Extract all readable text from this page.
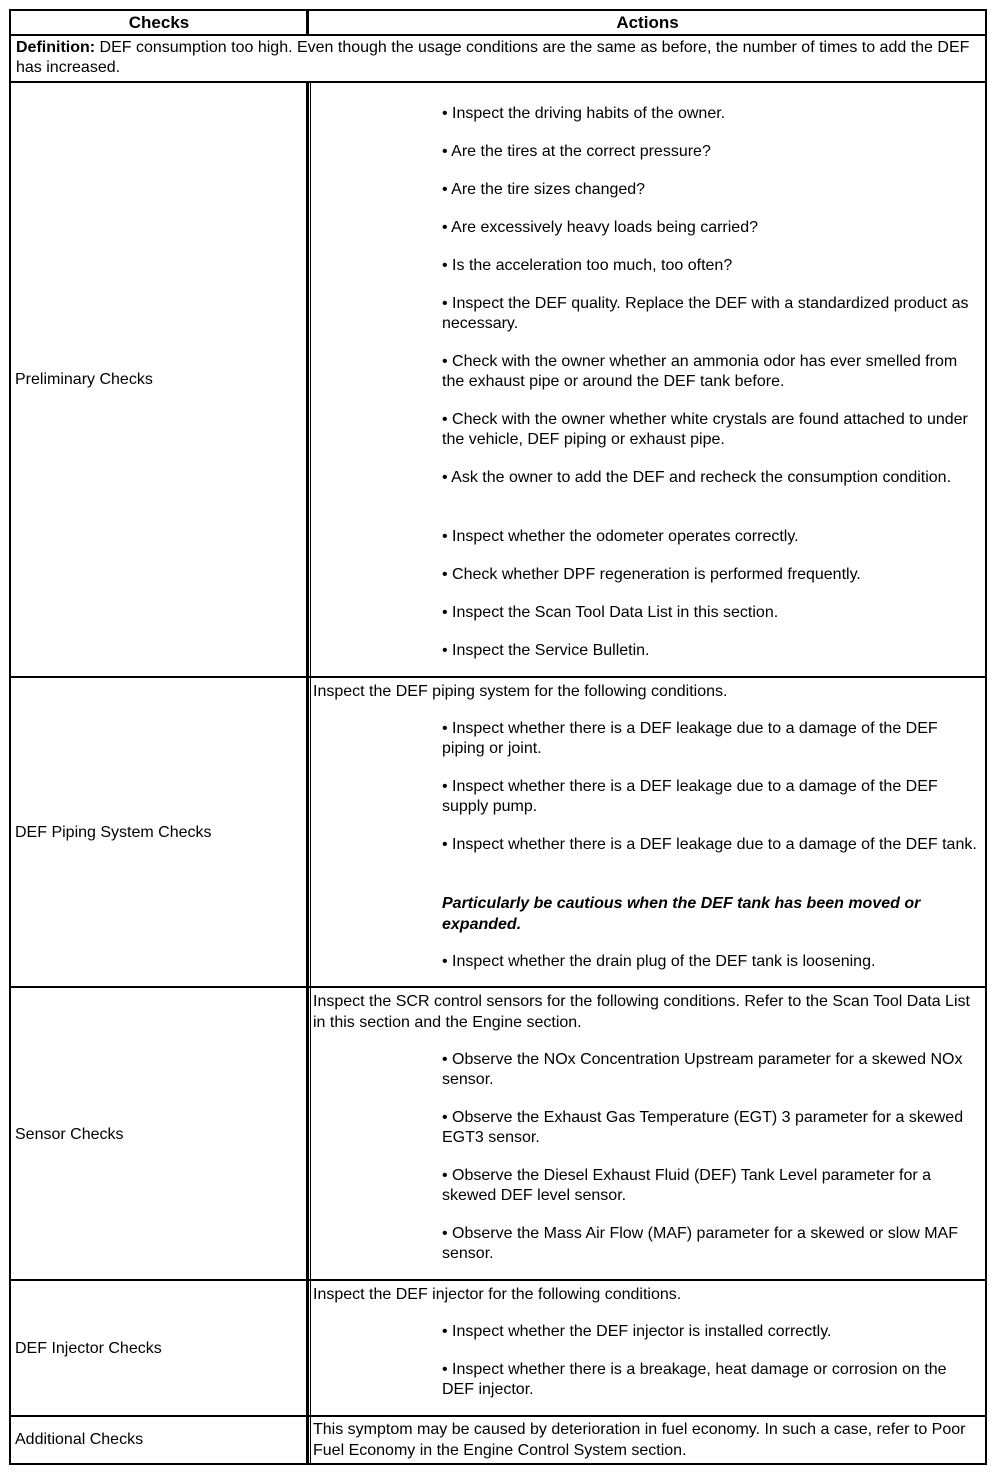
Checks	Actions
Definition: DEF consumption too high. Even though the usage conditions are the same as before, the number of times to add the DEF has increased.
Preliminary Checks
• Inspect the driving habits of the owner.
• Are the tires at the correct pressure?
• Are the tire sizes changed?
• Are excessively heavy loads being carried?
• Is the acceleration too much, too often?
• Inspect the DEF quality. Replace the DEF with a standardized product as necessary.
• Check with the owner whether an ammonia odor has ever smelled from the exhaust pipe or around the DEF tank before.
• Check with the owner whether white crystals are found attached to under the vehicle, DEF piping or exhaust pipe.
• Ask the owner to add the DEF and recheck the consumption condition.
• Inspect whether the odometer operates correctly.
• Check whether DPF regeneration is performed frequently.
• Inspect the Scan Tool Data List in this section.
• Inspect the Service Bulletin.
DEF Piping System Checks
Inspect the DEF piping system for the following conditions.
• Inspect whether there is a DEF leakage due to a damage of the DEF piping or joint.
• Inspect whether there is a DEF leakage due to a damage of the DEF supply pump.
• Inspect whether there is a DEF leakage due to a damage of the DEF tank.
Particularly be cautious when the DEF tank has been moved or expanded.
• Inspect whether the drain plug of the DEF tank is loosening.
Sensor Checks
Inspect the SCR control sensors for the following conditions. Refer to the Scan Tool Data List in this section and the Engine section.
• Observe the NOx Concentration Upstream parameter for a skewed NOx sensor.
• Observe the Exhaust Gas Temperature (EGT) 3 parameter for a skewed EGT3 sensor.
• Observe the Diesel Exhaust Fluid (DEF) Tank Level parameter for a skewed DEF level sensor.
• Observe the Mass Air Flow (MAF) parameter for a skewed or slow MAF sensor.
DEF Injector Checks
Inspect the DEF injector for the following conditions.
• Inspect whether the DEF injector is installed correctly.
• Inspect whether there is a breakage, heat damage or corrosion on the DEF injector.
Additional Checks
This symptom may be caused by deterioration in fuel economy. In such a case, refer to Poor Fuel Economy in the Engine Control System section.
